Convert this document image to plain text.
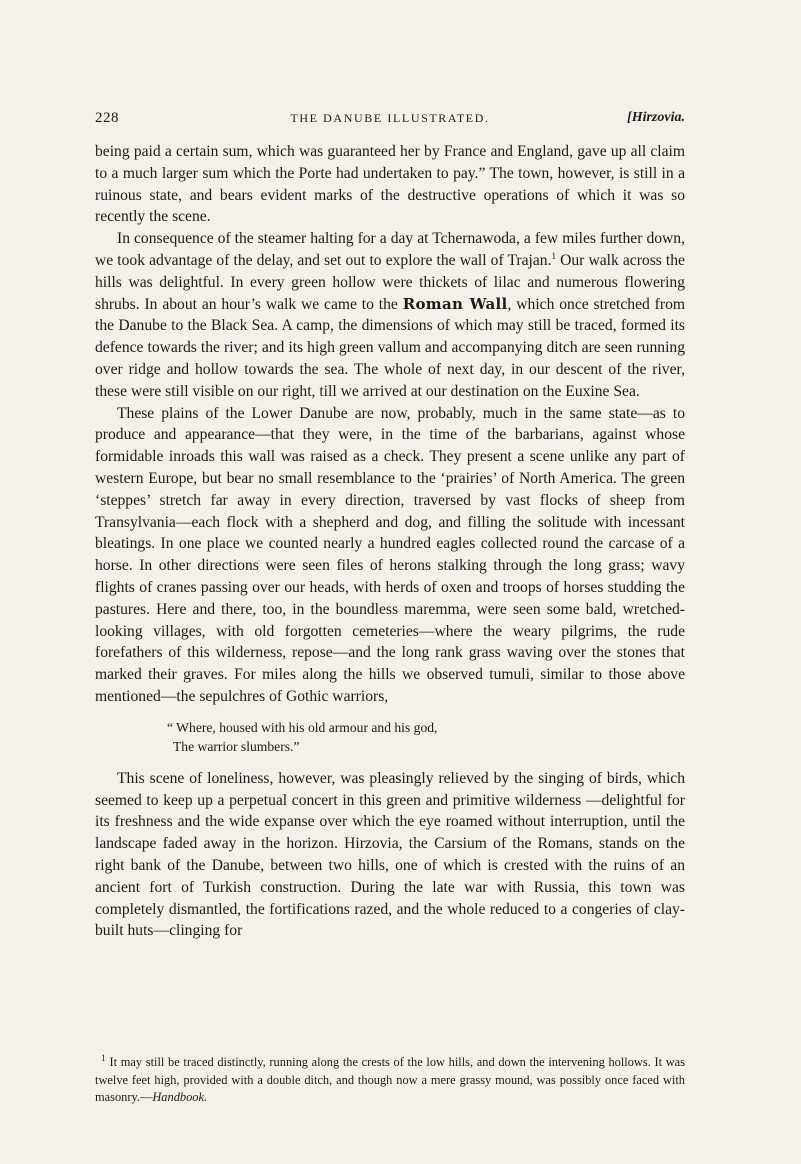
228	THE DANUBE ILLUSTRATED.	[Hirzovia.

being paid a certain sum, which was guaranteed her by France and England, gave up all claim to a much larger sum which the Porte had undertaken to pay.” The town, however, is still in a ruinous state, and bears evident marks of the destructive operations of which it was so recently the scene.

In consequence of the steamer halting for a day at Tchernawoda, a few miles further down, we took advantage of the delay, and set out to explore the wall of Trajan.$^1$ Our walk across the hills was delightful. In every green hollow were thickets of lilac and numerous flowering shrubs. In about an hour’s walk we came to the Roman Wall, which once stretched from the Danube to the Black Sea. A camp, the dimensions of which may still be traced, formed its defence towards the river; and its high green vallum and accompanying ditch are seen running over ridge and hollow towards the sea. The whole of next day, in our descent of the river, these were still visible on our right, till we arrived at our destination on the Euxine Sea.

These plains of the Lower Danube are now, probably, much in the same state—as to produce and appearance—that they were, in the time of the barbarians, against whose formidable inroads this wall was raised as a check. They present a scene unlike any part of western Europe, but bear no small resemblance to the ‘prairies’ of North America. The green ‘steppes’ stretch far away in every direction, traversed by vast flocks of sheep from Transylvania—each flock with a shepherd and dog, and filling the solitude with incessant bleatings. In one place we counted nearly a hundred eagles collected round the carcase of a horse. In other directions were seen files of herons stalking through the long grass; wavy flights of cranes passing over our heads, with herds of oxen and troops of horses studding the pastures. Here and there, too, in the boundless maremma, were seen some bald, wretched-looking villages, with old forgotten cemeteries—where the weary pilgrims, the rude forefathers of this wilderness, repose—and the long rank grass waving over the stones that marked their graves. For miles along the hills we observed tumuli, similar to those above mentioned—the sepulchres of Gothic warriors,

“ Where, housed with his old armour and his god,
The warrior slumbers.”

This scene of loneliness, however, was pleasingly relieved by the singing of birds, which seemed to keep up a perpetual concert in this green and primitive wilderness —delightful for its freshness and the wide expanse over which the eye roamed without interruption, until the landscape faded away in the horizon. Hirzovia, the Carsium of the Romans, stands on the right bank of the Danube, between two hills, one of which is crested with the ruins of an ancient fort of Turkish construction. During the late war with Russia, this town was completely dismantled, the fortifications razed, and the whole reduced to a congeries of clay-built huts—clinging for

$^1$ It may still be traced distinctly, running along the crests of the low hills, and down the intervening hollows. It was twelve feet high, provided with a double ditch, and though now a mere grassy mound, was possibly once faced with masonry.—Handbook.
